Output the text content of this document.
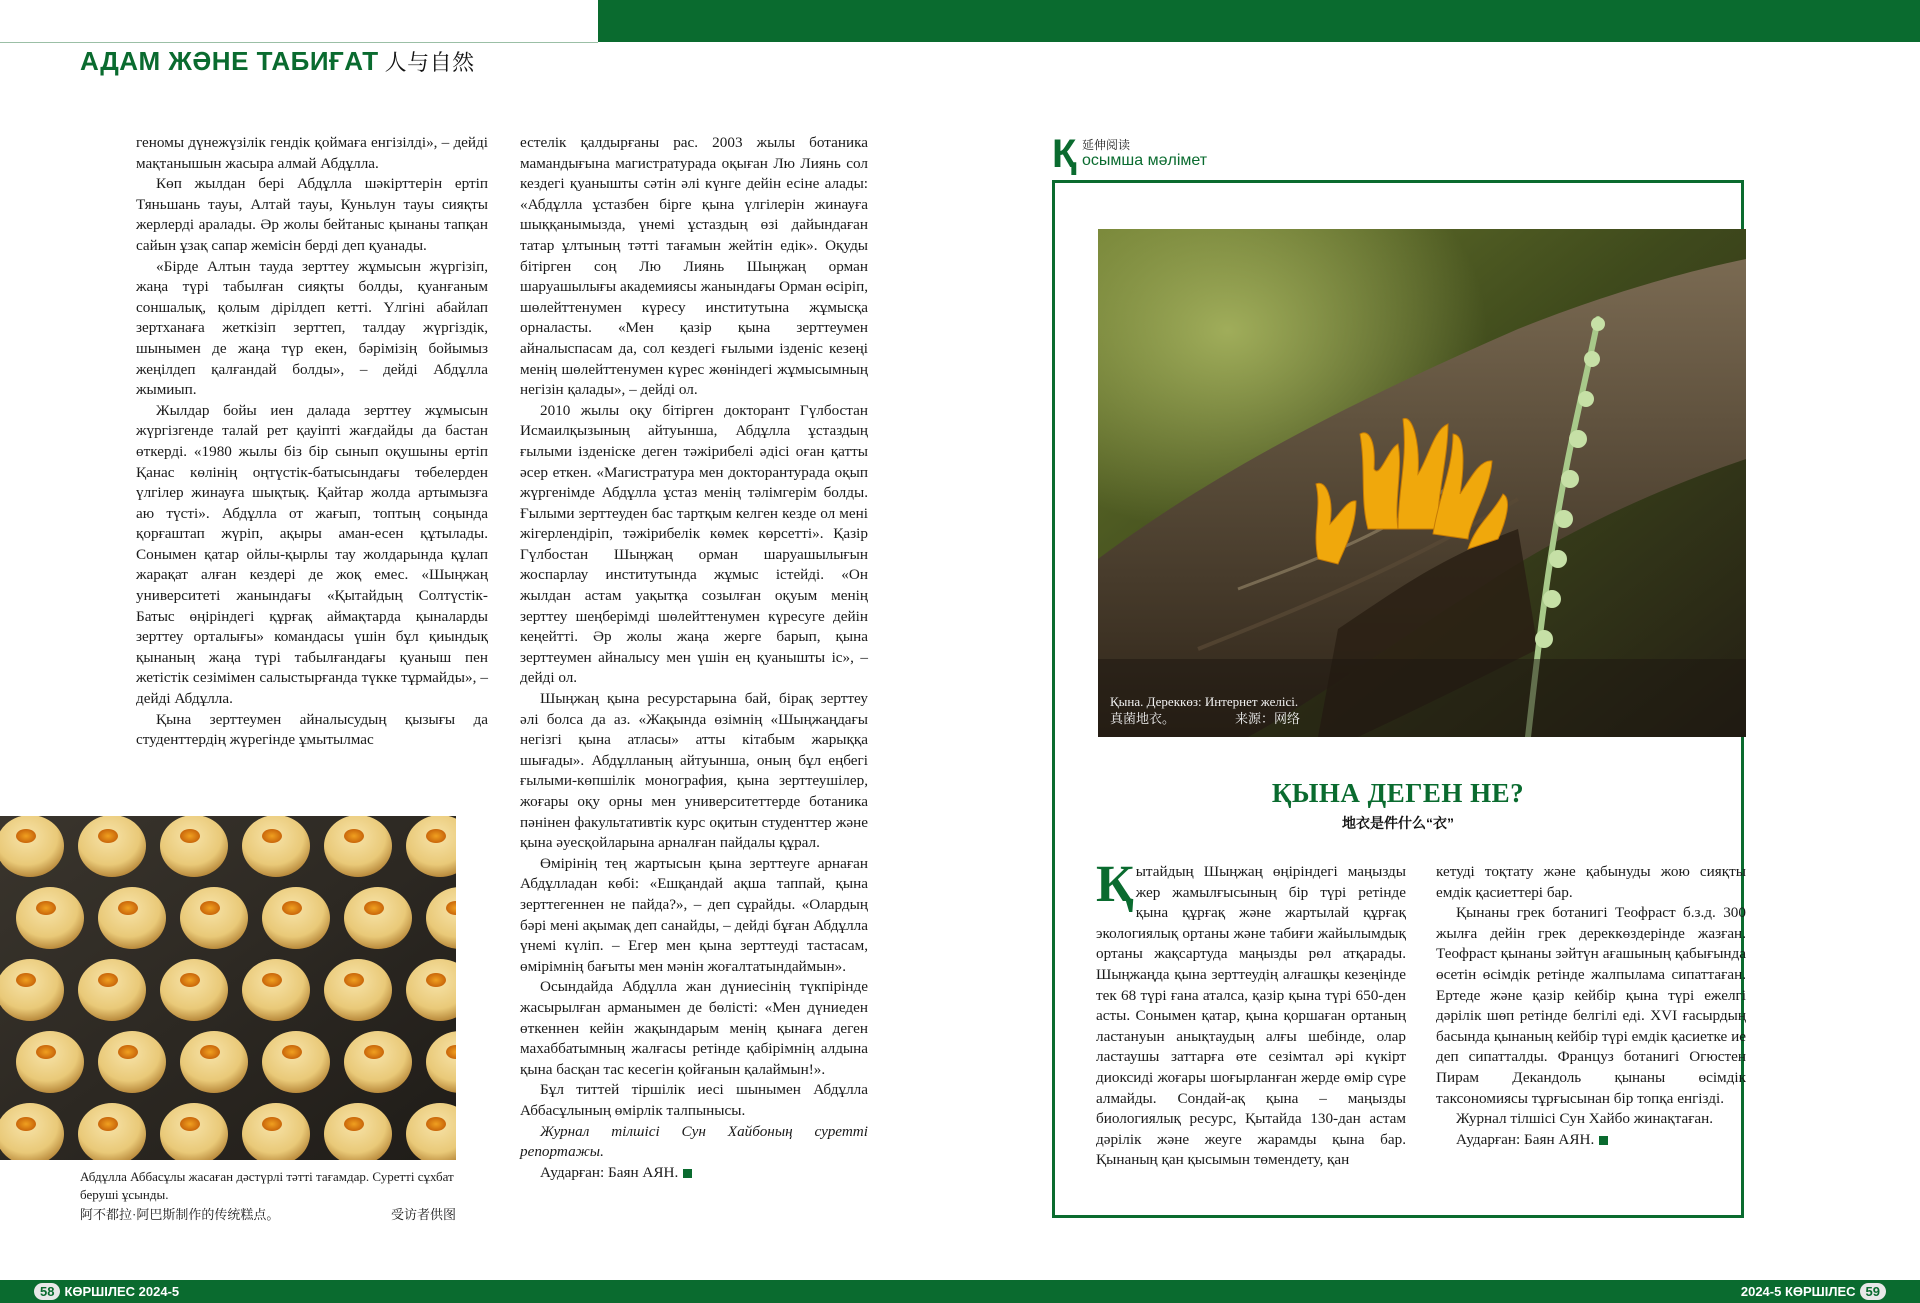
АДАМ ЖӘНЕ ТАБИҒАТ 人与自然

геномы дүнежүзілік гендік қоймаға енгізілді», – дейді мақтанышын жасыра алмай Абдұлла.

Көп жылдан бері Абдұлла шәкірттерін ертіп Тяньшань тауы, Алтай тауы, Куньлун тауы сияқты жерлерді аралады. Әр жолы бейтаныс қынаны тапқан сайын ұзақ сапар жемісін берді деп қуанады.

«Бірде Алтын тауда зерттеу жұмысын жүргізіп, жаңа түрі табылған сияқты болды, қуанғаным соншалық, қолым дірілдеп кетті. Үлгіні абайлап зертханаға жеткізіп зерттеп, талдау жүргіздік, шынымен де жаңа түр екен, бәрімізің бойымыз жеңілдеп қалғандай болды», – дейді Абдұлла жымиып.

Жылдар бойы иен далада зерттеу жұмысын жүргізгенде талай рет қауіпті жағдайды да бастан өткерді. «1980 жылы біз бір сынып оқушыны ертіп Қанас көлінің оңтүстік-батысындағы төбелерден үлгілер жинауға шықтық. Қайтар жолда артымызға аю түсті». Абдұлла от жағып, топтың соңында қорғаштап жүріп, ақыры аман-есен құтылады. Сонымен қатар ойлы-қырлы тау жолдарында құлап жарақат алған кездері де жоқ емес. «Шыңжаң университеті жанындағы «Қытайдың Солтүстік-Батыс өңіріндегі құрғақ аймақтарда қыналарды зерттеу орталығы» командасы үшін бұл қиындық қынаның жаңа түрі табылғандағы қуаныш пен жетістік сезімімен салыстырғанда түкке тұрмайды», – дейді Абдұлла.

Қына зерттеумен айналысудың қызығы да студенттердің жүрегінде ұмытылмас

естелік қалдырғаны рас. 2003 жылы ботаника мамандығына магистратурада оқыған Лю Лиянь сол кездегі қуанышты сәтін әлі күнге дейін есіне алады: «Абдұлла ұстазбен бірге қына үлгілерін жинауға шыққанымызда, үнемі ұстаздың өзі дайындаған татар ұлтының тәтті тағамын жейтін едік». Оқуды бітірген соң Лю Лиянь Шыңжаң орман шаруашылығы академиясы жанындағы Орман өсіріп, шөлейттенумен күресу институтына жұмысқа орналасты. «Мен қазір қына зерттеумен айналыспасам да, сол кездегі ғылыми ізденіс кезеңі менің шөлейттенумен күрес жөніндегі жұмысымның негізін қалады», – дейді ол.

2010 жылы оқу бітірген докторант Гүлбостан Исмаилқызының айтуынша, Абдұлла ұстаздың ғылыми ізденіске деген тәжірибелі әдісі оған қатты әсер еткен. «Магистратура мен докторантурада оқып жүргенімде Абдұлла ұстаз менің тәлімгерім болды. Ғылыми зерттеуден бас тартқым келген кезде ол мені жігерлендіріп, тәжірибелік көмек көрсетті». Қазір Гүлбостан Шыңжаң орман шаруашылығын жоспарлау институтында жұмыс істейді. «Он жылдан астам уақытқа созылған оқуым менің зерттеу шеңберімді шөлейттенумен күресуге дейін кеңейтті. Әр жолы жаңа жерге барып, қына зерттеумен айналысу мен үшін ең қуанышты іс», – дейді ол.

Шыңжаң қына ресурстарына бай, бірақ зерттеу әлі болса да аз. «Жақында өзімнің «Шыңжаңдағы негізгі қына атласы» атты кітабым жарыққа шығады». Абдұлланың айтуынша, оның бұл еңбегі ғылыми-көпшілік монография, қына зерттеушілер, жоғары оқу орны мен университеттерде ботаника пәнінен факультативтік курс оқитын студенттер және қына әуесқойларына арналған пайдалы құрал.

Өмірінің тең жартысын қына зерттеуге арнаған Абдұлладан көбі: «Ешқандай ақша таппай, қына зерттегеннен не пайда?», – деп сұрайды. «Олардың бәрі мені ақымақ деп санайды, – дейді бұған Абдұлла үнемі күліп. – Егер мен қына зерттеуді тастасам, өмірімнің бағыты мен мәнін жоғалтатындаймын».

Осындайда Абдұлла жан дүниесінің түкпірінде жасырылған арманымен де бөлісті: «Мен дүниеден өткеннен кейін жақындарым менің қынаға деген махаббатымның жалғасы ретінде қабірімнің алдына қына басқан тас кесегін қойғанын қалаймын!».

Бұл титтей тіршілік иесі шынымен Абдұлла Аббасұлының өмірлік талпынысы.

Журнал тілшісі Сун Хайбоның суретті репортажы.

Аударған: Баян АЯН.

Абдұлла Аббасұлы жасаған дәстүрлі тәтті тағамдар. Суретті сұхбат беруші ұсынды.
阿不都拉·阿巴斯制作的传统糕点。	受访者供图
Қ 延伸阅读
осымша мәлімет
Қына. Дереккөз: Интернет желісі.
真菌地衣。	来源：网络
ҚЫНА ДЕГЕН НЕ?
地衣是件什么“衣”

Қытайдың Шыңжаң өңіріндегі маңызды жер жамылғысының бір түрі ретінде қына құрғақ және жартылай құрғақ экологиялық ортаны және табиғи жайылымдық ортаны жақсартуда маңызды рөл атқарады. Шыңжаңда қына зерттеудің алғашқы кезеңінде тек 68 түрі ғана аталса, қазір қына түрі 650-ден асты. Сонымен қатар, қына қоршаған ортаның ластануын анықтаудың алғы шебінде, олар ластаушы заттарға өте сезімтал әрі күкірт диоксиді жоғары шоғырланған жерде өмір сүре алмайды. Сондай-ақ қына – маңызды биологиялық ресурс, Қытайда 130-дан астам дәрілік және жеуге жарамды қына бар. Қынаның қан қысымын төмендету, қан

кетуді тоқтату және қабынуды жою сияқты емдік қасиеттері бар.

Қынаны грек ботанигі Теофраст б.з.д. 300 жылға дейін грек дереккөздерінде жазған. Теофраст қынаны зәйтүн ағашының қабығында өсетін өсімдік ретінде жалпылама сипаттаған. Ертеде және қазір кейбір қына түрі ежелгі дәрілік шөп ретінде белгілі еді. XVI ғасырдың басында қынаның кейбір түрі емдік қасиетке ие деп сипатталды. Француз ботанигі Огюстен Пирам Декандоль қынаны өсімдік таксономиясы тұрғысынан бір топқа енгізді.

Журнал тілшісі Сун Хайбо жинақтаған.

Аударған: Баян АЯН.

58 КӨРШІЛЕС 2024-5	2024-5 КӨРШІЛЕС 59
